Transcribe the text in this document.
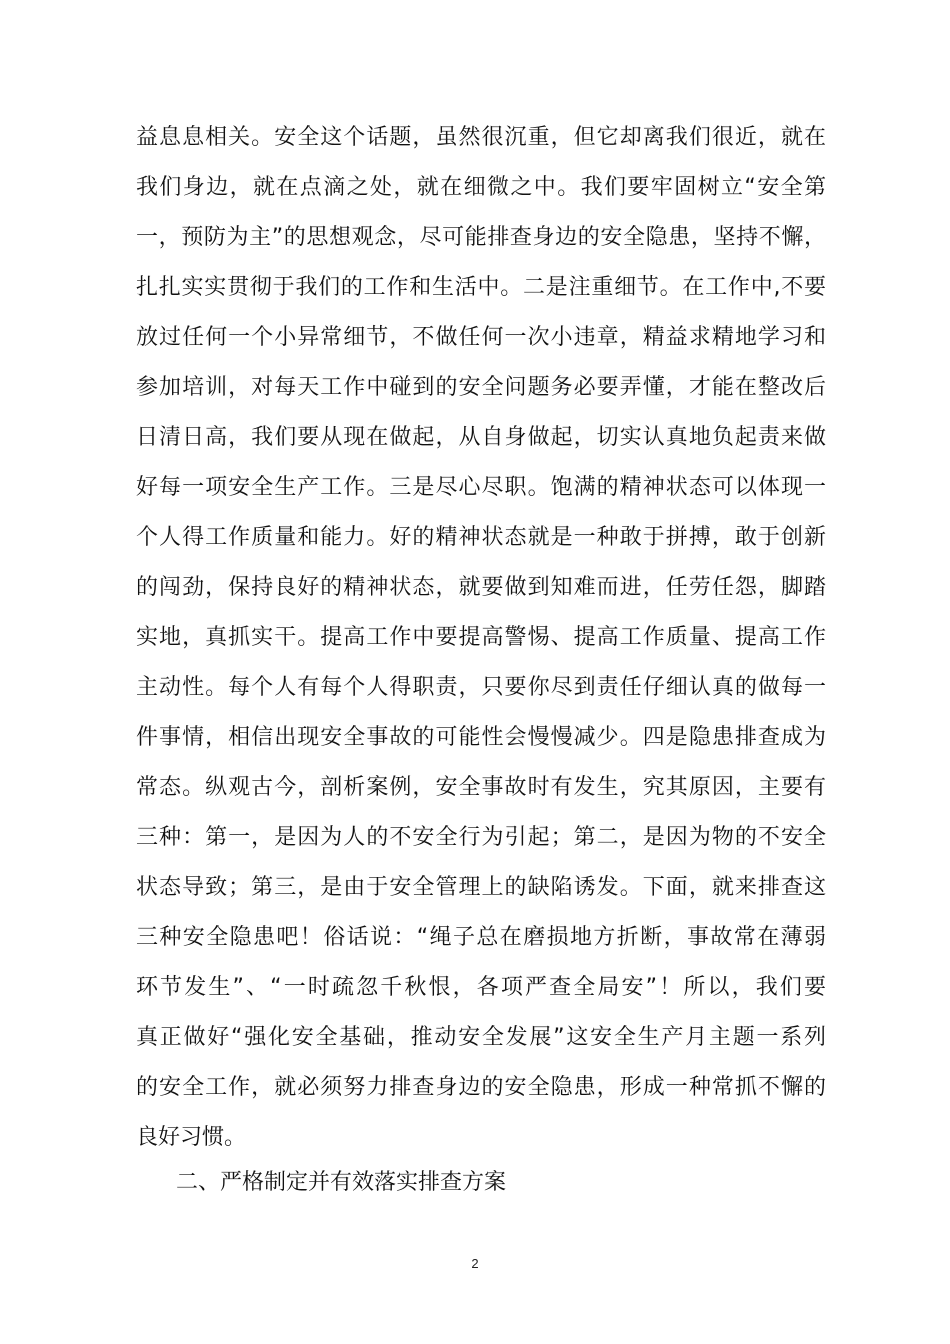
益息息相关。安全这个话题，虽然很沉重，但它却离我们很近，就在
我们身边，就在点滴之处，就在细微之中。我们要牢固树立“安全第
一，预防为主”的思想观念，尽可能排查身边的安全隐患，坚持不懈，
扎扎实实贯彻于我们的工作和生活中。二是注重细节。在工作中,不要
放过任何一个小异常细节，不做任何一次小违章，精益求精地学习和
参加培训，对每天工作中碰到的安全问题务必要弄懂，才能在整改后
日清日高，我们要从现在做起，从自身做起，切实认真地负起责来做
好每一项安全生产工作。三是尽心尽职。饱满的精神状态可以体现一
个人得工作质量和能力。好的精神状态就是一种敢于拼搏，敢于创新
的闯劲，保持良好的精神状态，就要做到知难而进，任劳任怨，脚踏
实地，真抓实干。提高工作中要提高警惕、提高工作质量、提高工作
主动性。每个人有每个人得职责，只要你尽到责任仔细认真的做每一
件事情，相信出现安全事故的可能性会慢慢减少。四是隐患排查成为
常态。纵观古今，剖析案例，安全事故时有发生，究其原因，主要有
三种：第一，是因为人的不安全行为引起；第二，是因为物的不安全
状态导致；第三，是由于安全管理上的缺陷诱发。下面，就来排查这
三种安全隐患吧！俗话说：“绳子总在磨损地方折断，事故常在薄弱
环节发生”、“一时疏忽千秋恨，各项严查全局安”！所以，我们要
真正做好“强化安全基础，推动安全发展”这安全生产月主题一系列
的安全工作，就必须努力排查身边的安全隐患，形成一种常抓不懈的
良好习惯。
二、严格制定并有效落实排查方案
2
